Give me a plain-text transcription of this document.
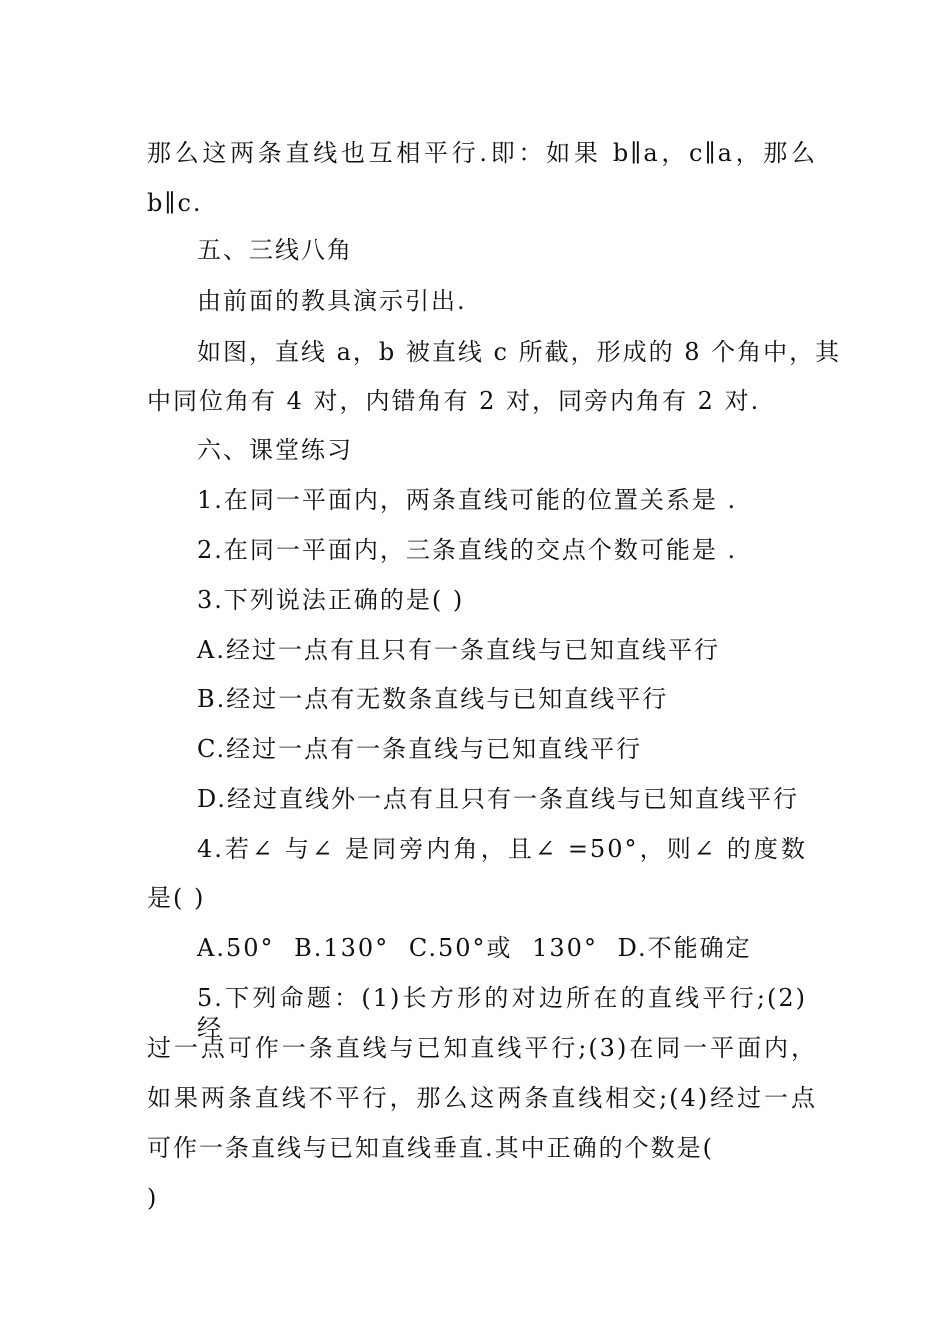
那么这两条直线也互相平行.即：如果 b∥a，c∥a，那么
b∥c.
五、三线八角
由前面的教具演示引出.
如图，直线 a，b 被直线 c 所截，形成的 8 个角中，其
中同位角有 4 对，内错角有 2 对，同旁内角有 2 对.
六、课堂练习
1.在同一平面内，两条直线可能的位置关系是 .
2.在同一平面内，三条直线的交点个数可能是 .
3.下列说法正确的是( )
A.经过一点有且只有一条直线与已知直线平行
B.经过一点有无数条直线与已知直线平行
C.经过一点有一条直线与已知直线平行
D.经过直线外一点有且只有一条直线与已知直线平行
4.若∠ 与∠ 是同旁内角，且∠ =50°，则∠ 的度数
是( )
A.50° B.130° C.50°或 130° D.不能确定
5.下列命题：(1)长方形的对边所在的直线平行;(2)经
过一点可作一条直线与已知直线平行;(3)在同一平面内，
如果两条直线不平行，那么这两条直线相交;(4)经过一点
可作一条直线与已知直线垂直.其中正确的个数是(
)
